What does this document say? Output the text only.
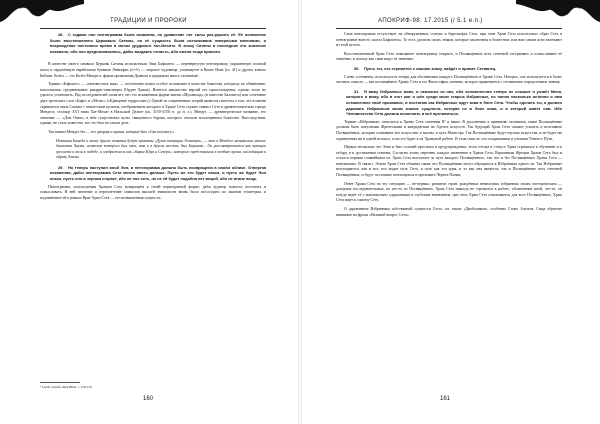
ТРАДИЦИИ И ПРОРОКИ

28. С годами нол пентаграмма была искажена, но уравнение нет силы раз-рушить её. Её положение было восстановлено Церковью Сатаны, но её сущность была истолкована неверными мнениями, и возрождение постоянно время в монах урудского Хат-Мехите. В эпоху Сатаны в последние это значение искажено, ибо оно предназначалось, дабы воздаать нечисть, ибо имени тогда принято.

В качестве своего символа Церковь Сатаны использовала Знак Бафомета — перевёрнутую пентаграмму, украшенную головой козла и окружённую еврейскими буквами Левиафан (לויתן) — морское чудовище, упомянутое в Книге Иова (гл. 41) и других книгах Библии. Козёл — это Козёл Мендеса, форма проявления Дьявола в традициях иного сатанизма¹.

Термин «Бафомет» — «неизвестное имя» — постепенно копил особое положение в качестве божества, которому по обвинению, поклонялись средневековые рыцари-тамплиеры (Орден Храма). Имеется множество версий его происхождения, однако этого не удалось установить. Ряд исследователей полагает, что это искажённая форма имени «Мухаммад» (в качестве Бахомета) или сочетание двух греческих слов «Бафе» и «Метис» («Крещение мудростью»). Одной из современных теорий является гипотеза о том, что в имени скрывается связь Сатаны с египетским культом, изображением которого в Храме Сета служит символ Сета в древнеегипетском городе Мендесе, столице XVI нома Хат-Мехит в Нильской Дельте (ок. 3150-3150 гг. до н. э.). Мендес — древнегреческое название, его значение — «Дом Овна»; в нём существовал культ священного барана, которого считали воплощением божества. Впоследствии, однако, не стало известно, кто это был на самом деле.

Так назвал Мендес бы — его дворцы и храмы, которые был «Саи шоумогу».

Названия Бамеда и некие другие понятия будут приняты «Души интуиции Гамитум», — так в Мендесе назывались многие династии Хнума, символом которого был овен, так и в других местах, был Бараном... Он рассматривается как принцип зрелости и воли к победе, и изображался как «баран Юрм и Севера», которого представляли в позднее время, восходящим к образу Амона.

29. Но теперь наступил иной Эон, и пентаграмма должна быть возвращена в своём облике. Отвергая искажения, дабы пентаграмма Сета могла явить дальше. Пусть же это будет иным, и пусть же будет Эон иным, пусть оно в черном сгорает, ибо не оно есть, но не ей будет подобна нет вещей, ибо не иначе вещь.

Пентаграмма, используемая Храмом Сета возвращена к своей первозданной форме, дабы аудитор помогал постигать и осмысливать. В ней значение и переплетение символов высшей значимости вновь было воссоздано по законам геометрии, и подчинённое ей в рамках Врат Храм Сета — его возвышенная сущность.

¹ Leitch, Satanic ritual Bible, с. 179-176.
160
АПОКРИФ-98: 17.2015 (/ 5.1 е.п.)

Сама пентаграмма отсутствует на обнаруженных статуях и барельефах Сета, при этом Храм Сета использовал образ Сета в пентаграмме вместо «козла Бафомета». То есть дуализм своих знаков, которые заключены в божествах или нам самим ясно вытекают из этой целого.

Восстановленный Храм Сета показывает пентаграмму открыто, и Посвящённые всех степеней отстраняют и осмысливают её значение, и потому как сами ищут её значение.

30. Пусть тот, кто стремится к знанию знаку, найдёт и примет Сетианец.

Слово «сетианец» используется теперь для обозначения каждого Посвящённого в Храме Сета. Нагорье, оно используется в более частных смысле — как посвящённое Храму Сета и его Философии, понятие, которое применяется с сетианским определением знания.

31. Я вижу Избранных моих, и немногих из них, ибо человечество теперь не слышит и узнаёт Меня, которого и вижу, ибо в этот шаг я шёл среди моих старых Избранных, но понял насколько истинно и ими оставленное своё призвание, и постигаю как Избранные ждут зова в Эоне Сета. Чтобы сделать ты, я должен даровать Избранным моим знание сущности, которая не в Эоне иная, и в которой живёт сам. Ибо Человечество Сета должна исполнить и всё противиться.

Термин «Избранные» относится к Храму Сета степеням II° и выше. В дополнение к принятию сатанизма, такие Посвящённые должны быть искусными Жреческими и кандидатами на Адепта искусств. Так будущий Храм Сета сможет усилить и возглавить Посвящённых, которые осваивают все искусства: и магию, и путь Магистра. Так Посвящённые будут изучать искусства, и не будет им ограничения ни в одной из школ, если это будет к их Храмовой работе. В этом смысле, это сподвижники и ученики Тёмного Пути.

Первые несколько лет Эона и был соловей престижа и предупреждения, этого оттока в статусе Храм стремился к обучению и к отбору и в достижении степени. Согласно этому перечню, каждое изменение в Храме Сета, Верховным Жрецом Храма Сета был и остался первым главнейшим из. Храм Сета выступает за путь каждого Посвящённого, так что и без Посвящённых Храма Сета — невозможно. В связи с Эоном Храм Сета объявил также что Посвящённые могут обращаться к Избранным одного из. Так Избранные воплощаются, как и все, кто видит путь Сета, и путь как эта идея, и то как она является, так и Посвящённые всех степеней Посвящённых, и будут постоянно воплощаться и призывать Чёрное Пламя.

Ответ Храма Сета на эту ситуацию — не-первых, развитие стран, рождённых немногими, избранных своим эзотерическим — доктрина последовательных, но кто-то из Посвящённых, Храм Сета никогда не стремился в работе, обозначение иной, что-то, он всегда ведёт её с максимально сдержанным и глубоким вниманием, при этом Храм Сета отказывается для всех Посвящённых, Храм Сета ищет к самому Сету.

О дарованном Избранным собственной сущности Сета» см. также «Диаболикон», особенно Слово Азазеля. Сюда обратите внимание на фразы «Великий вопрос Сета».

161
